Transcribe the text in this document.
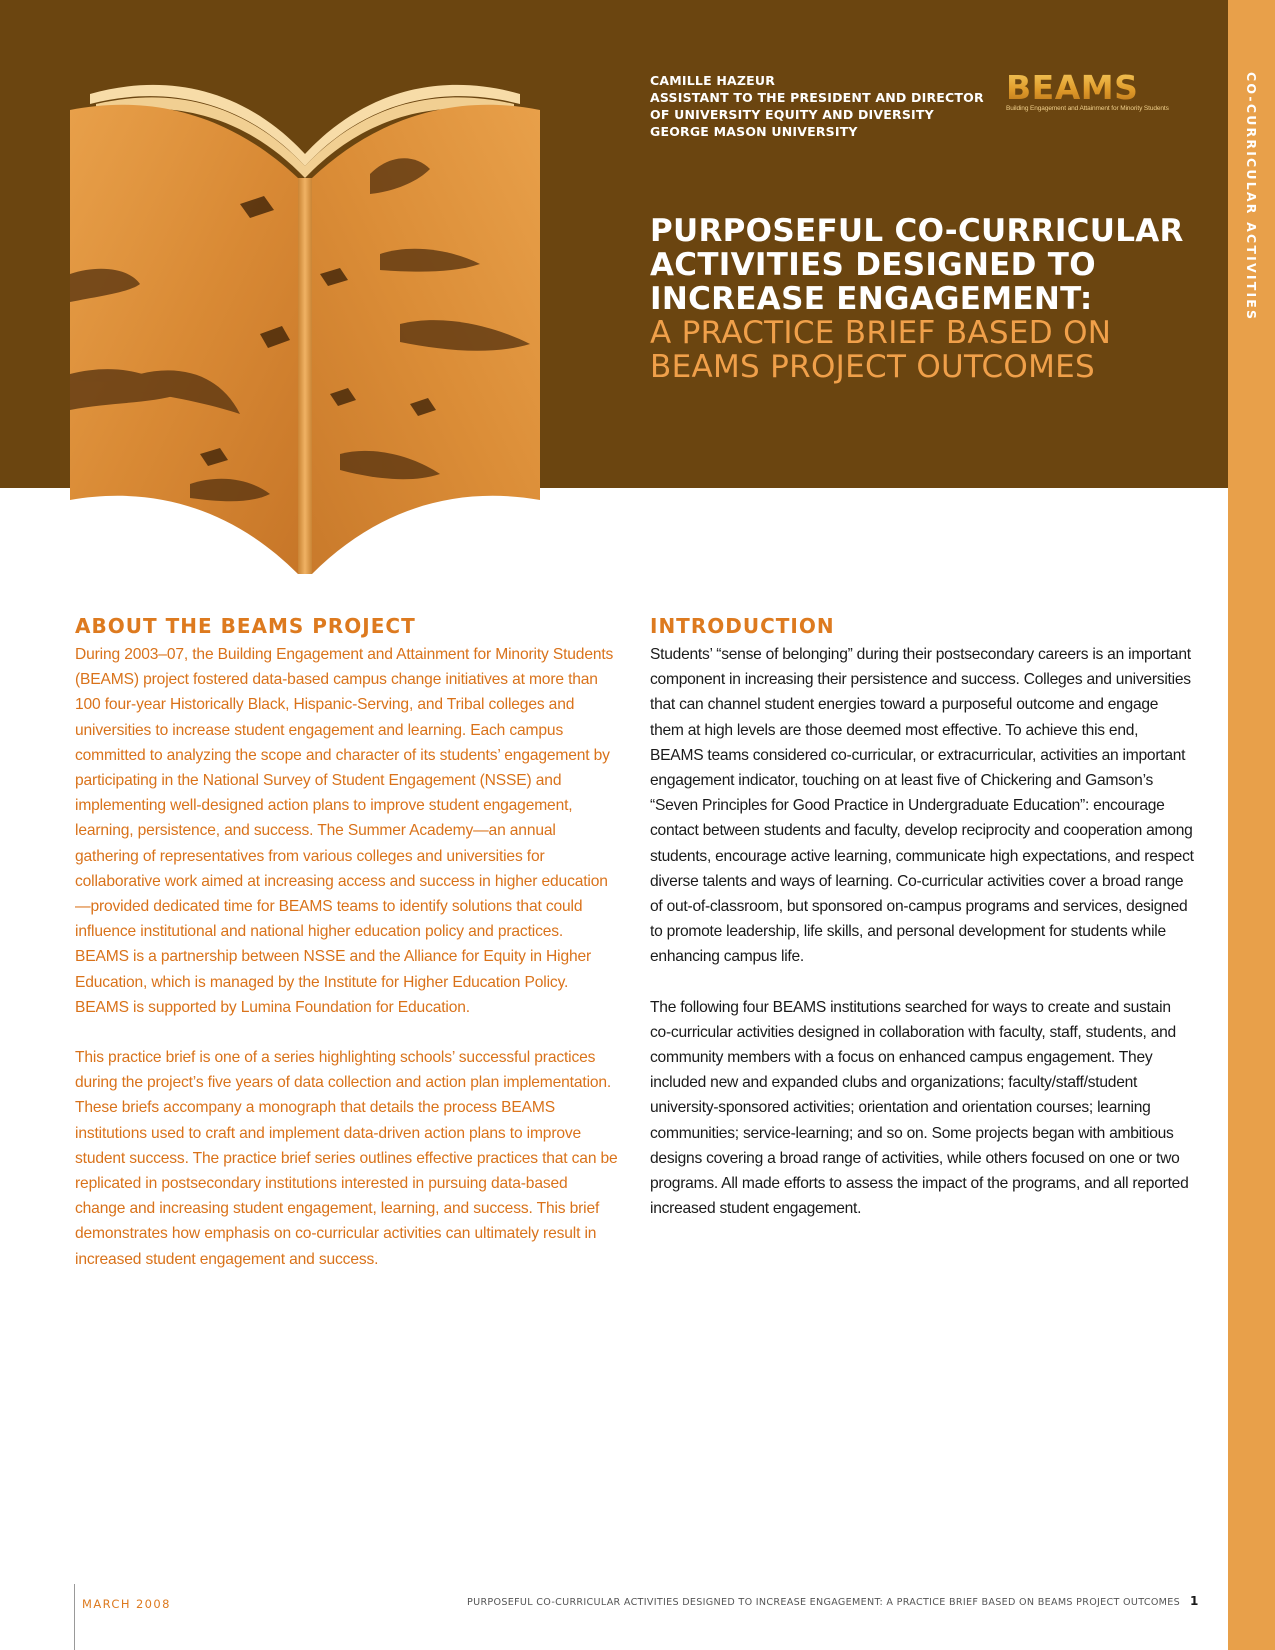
CO-CURRICULAR ACTIVITIES
CAMILLE HAZEUR
ASSISTANT TO THE PRESIDENT AND DIRECTOR
OF UNIVERSITY EQUITY AND DIVERSITY
GEORGE MASON UNIVERSITY
BEAMS
Building Engagement and Attainment for Minority Students
PURPOSEFUL CO-CURRICULAR
ACTIVITIES DESIGNED TO
INCREASE ENGAGEMENT:
A PRACTICE BRIEF BASED ON
BEAMS PROJECT OUTCOMES
ABOUT THE BEAMS PROJECT

During 2003–07, the Building Engagement and Attainment for Minority Students (BEAMS) project fostered data-based campus change initiatives at more than 100 four-year Historically Black, Hispanic-Serving, and Tribal colleges and universities to increase student engagement and learning. Each campus committed to analyzing the scope and character of its students’ engagement by participating in the National Survey of Student Engagement (NSSE) and implementing well-designed action plans to improve student engagement, learning, persistence, and success. The Summer Academy—an annual gathering of representatives from various colleges and universities for collaborative work aimed at increasing access and success in higher education—provided dedicated time for BEAMS teams to identify solutions that could influence institutional and national higher education policy and practices. BEAMS is a partnership between NSSE and the Alliance for Equity in Higher Education, which is managed by the Institute for Higher Education Policy. BEAMS is supported by Lumina Foundation for Education.

This practice brief is one of a series highlighting schools’ successful practices during the project’s five years of data collection and action plan implementation. These briefs accompany a monograph that details the process BEAMS institutions used to craft and implement data-driven action plans to improve student success. The practice brief series outlines effective practices that can be replicated in postsecondary institutions interested in pursuing data-based change and increasing student engagement, learning, and success. This brief demonstrates how emphasis on co-curricular activities can ultimately result in increased student engagement and success.

INTRODUCTION

Students’ “sense of belonging” during their postsecondary careers is an important component in increasing their persistence and success. Colleges and universities that can channel student energies toward a purposeful outcome and engage them at high levels are those deemed most effective. To achieve this end, BEAMS teams considered co-curricular, or extracurricular, activities an important engagement indicator, touching on at least five of Chickering and Gamson’s “Seven Principles for Good Practice in Undergraduate Education”: encourage contact between students and faculty, develop reciprocity and cooperation among students, encourage active learning, communicate high expectations, and respect diverse talents and ways of learning. Co-curricular activities cover a broad range of out-of-classroom, but sponsored on-campus programs and services, designed to promote leadership, life skills, and personal development for students while enhancing campus life.

The following four BEAMS institutions searched for ways to create and sustain co-curricular activities designed in collaboration with faculty, staff, students, and community members with a focus on enhanced campus engagement. They included new and expanded clubs and organizations; faculty/staff/student university-sponsored activities; orientation and orientation courses; learning communities; service-learning; and so on. Some projects began with ambitious designs covering a broad range of activities, while others focused on one or two programs. All made efforts to assess the impact of the programs, and all reported increased student engagement.

MARCH 2008	PURPOSEFUL CO-CURRICULAR ACTIVITIES DESIGNED TO INCREASE ENGAGEMENT: A PRACTICE BRIEF BASED ON BEAMS PROJECT OUTCOMES 1
